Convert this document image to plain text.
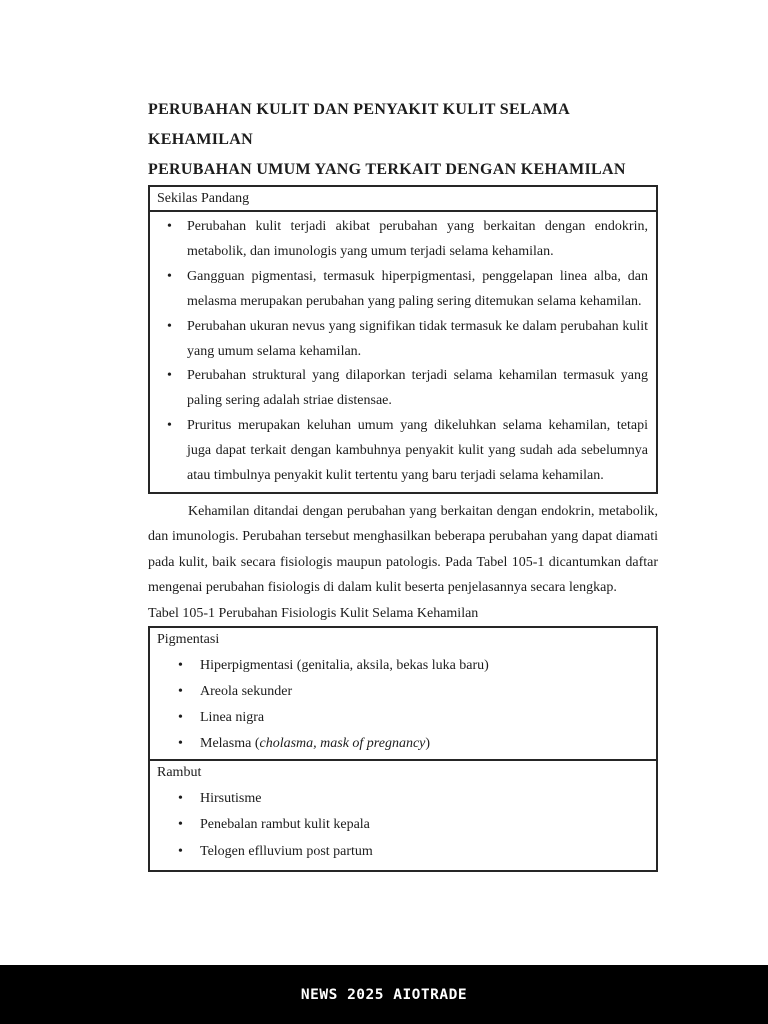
PERUBAHAN KULIT DAN PENYAKIT KULIT SELAMA KEHAMILAN
PERUBAHAN UMUM YANG TERKAIT DENGAN KEHAMILAN
Sekilas Pandang
•	Perubahan kulit terjadi akibat perubahan yang berkaitan dengan endokrin, metabolik, dan imunologis yang umum terjadi selama kehamilan.
•	Gangguan pigmentasi, termasuk hiperpigmentasi, penggelapan linea alba, dan melasma merupakan perubahan yang paling sering ditemukan selama kehamilan.
•	Perubahan ukuran nevus yang signifikan tidak termasuk ke dalam perubahan kulit yang umum selama kehamilan.
•	Perubahan struktural yang dilaporkan terjadi selama kehamilan termasuk yang paling sering adalah striae distensae.
•	Pruritus merupakan keluhan umum yang dikeluhkan selama kehamilan, tetapi juga dapat terkait dengan kambuhnya penyakit kulit yang sudah ada sebelumnya atau timbulnya penyakit kulit tertentu yang baru terjadi selama kehamilan.

Kehamilan ditandai dengan perubahan yang berkaitan dengan endokrin, metabolik, dan imunologis. Perubahan tersebut menghasilkan beberapa perubahan yang dapat diamati pada kulit, baik secara fisiologis maupun patologis. Pada Tabel 105-1 dicantumkan daftar mengenai perubahan fisiologis di dalam kulit beserta penjelasannya secara lengkap.

Tabel 105-1 Perubahan Fisiologis Kulit Selama Kehamilan
Pigmentasi
•	Hiperpigmentasi (genitalia, aksila, bekas luka baru)
•	Areola sekunder
•	Linea nigra
•	Melasma (cholasma, mask of pregnancy)
Rambut
•	Hirsutisme
•	Penebalan rambut kulit kepala
•	Telogen eflluvium post partum
NEWS 2025 AIOTRADE
